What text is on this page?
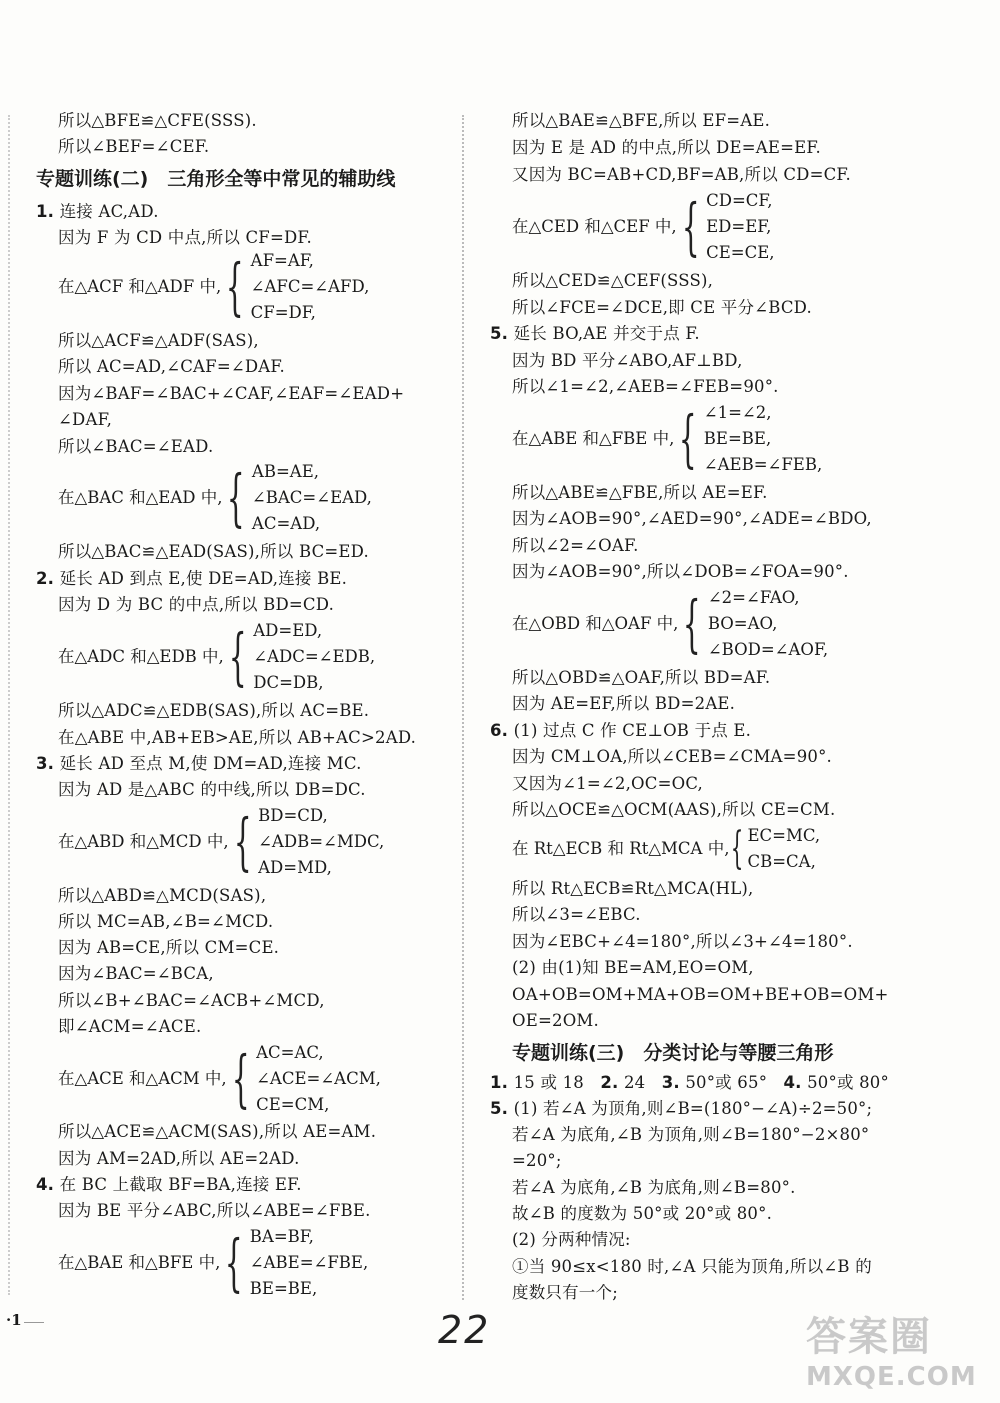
所以△BFE≌△CFE(SSS).
所以∠BEF=∠CEF.
专题训练(二)　三角形全等中常见的辅助线
1. 连接 AC,AD.
因为 F 为 CD 中点,所以 CF=DF.
在△ACF 和△ADF 中,{ AF=AF,
∠AFC=∠AFD,
CF=DF,
所以△ACF≌△ADF(SAS),
所以 AC=AD,∠CAF=∠DAF.
因为∠BAF=∠BAC+∠CAF,∠EAF=∠EAD+
∠DAF,
所以∠BAC=∠EAD.
在△BAC 和△EAD 中,{ AB=AE,
∠BAC=∠EAD,
AC=AD,
所以△BAC≌△EAD(SAS),所以 BC=ED.
2. 延长 AD 到点 E,使 DE=AD,连接 BE.
因为 D 为 BC 的中点,所以 BD=CD.
在△ADC 和△EDB 中,{ AD=ED,
∠ADC=∠EDB,
DC=DB,
所以△ADC≌△EDB(SAS),所以 AC=BE.
在△ABE 中,AB+EB>AE,所以 AB+AC>2AD.
3. 延长 AD 至点 M,使 DM=AD,连接 MC.
因为 AD 是△ABC 的中线,所以 DB=DC.
在△ABD 和△MCD 中,{ BD=CD,
∠ADB=∠MDC,
AD=MD,
所以△ABD≌△MCD(SAS),
所以 MC=AB,∠B=∠MCD.
因为 AB=CE,所以 CM=CE.
因为∠BAC=∠BCA,
所以∠B+∠BAC=∠ACB+∠MCD,
即∠ACM=∠ACE.
在△ACE 和△ACM 中,{ AC=AC,
∠ACE=∠ACM,
CE=CM,
所以△ACE≌△ACM(SAS),所以 AE=AM.
因为 AM=2AD,所以 AE=2AD.
4. 在 BC 上截取 BF=BA,连接 EF.
因为 BE 平分∠ABC,所以∠ABE=∠FBE.
在△BAE 和△BFE 中,{ BA=BF,
∠ABE=∠FBE,
BE=BE,
所以△BAE≌△BFE,所以 EF=AE.
因为 E 是 AD 的中点,所以 DE=AE=EF.
又因为 BC=AB+CD,BF=AB,所以 CD=CF.
在△CED 和△CEF 中,{ CD=CF,
ED=EF,
CE=CE,
所以△CED≌△CEF(SSS),
所以∠FCE=∠DCE,即 CE 平分∠BCD.
5. 延长 BO,AE 并交于点 F.
因为 BD 平分∠ABO,AF⊥BD,
所以∠1=∠2,∠AEB=∠FEB=90°.
在△ABE 和△FBE 中,{ ∠1=∠2,
BE=BE,
∠AEB=∠FEB,
所以△ABE≌△FBE,所以 AE=EF.
因为∠AOB=90°,∠AED=90°,∠ADE=∠BDO,
所以∠2=∠OAF.
因为∠AOB=90°,所以∠DOB=∠FOA=90°.
在△OBD 和△OAF 中,{ ∠2=∠FAO,
BO=AO,
∠BOD=∠AOF,
所以△OBD≌△OAF,所以 BD=AF.
因为 AE=EF,所以 BD=2AE.
6. (1) 过点 C 作 CE⊥OB 于点 E.
因为 CM⊥OA,所以∠CEB=∠CMA=90°.
又因为∠1=∠2,OC=OC,
所以△OCE≌△OCM(AAS),所以 CE=CM.
在 Rt△ECB 和 Rt△MCA 中,{ EC=MC,
CB=CA,
所以 Rt△ECB≌Rt△MCA(HL),
所以∠3=∠EBC.
因为∠EBC+∠4=180°,所以∠3+∠4=180°.
(2) 由(1)知 BE=AM,EO=OM,
OA+OB=OM+MA+OB=OM+BE+OB=OM+
OE=2OM.
专题训练(三)　分类讨论与等腰三角形
1. 15 或 18 2. 24 3. 50°或 65° 4. 50°或 80°
5. (1) 若∠A 为顶角,则∠B=(180°−∠A)÷2=50°;
若∠A 为底角,∠B 为顶角,则∠B=180°−2×80°
=20°;
若∠A 为底角,∠B 为底角,则∠B=80°.
故∠B 的度数为 50°或 20°或 80°.
(2) 分两种情况:
①当 90≤x<180 时,∠A 只能为顶角,所以∠B 的
度数只有一个;
·1	22	答案圈
MXQE.COM
